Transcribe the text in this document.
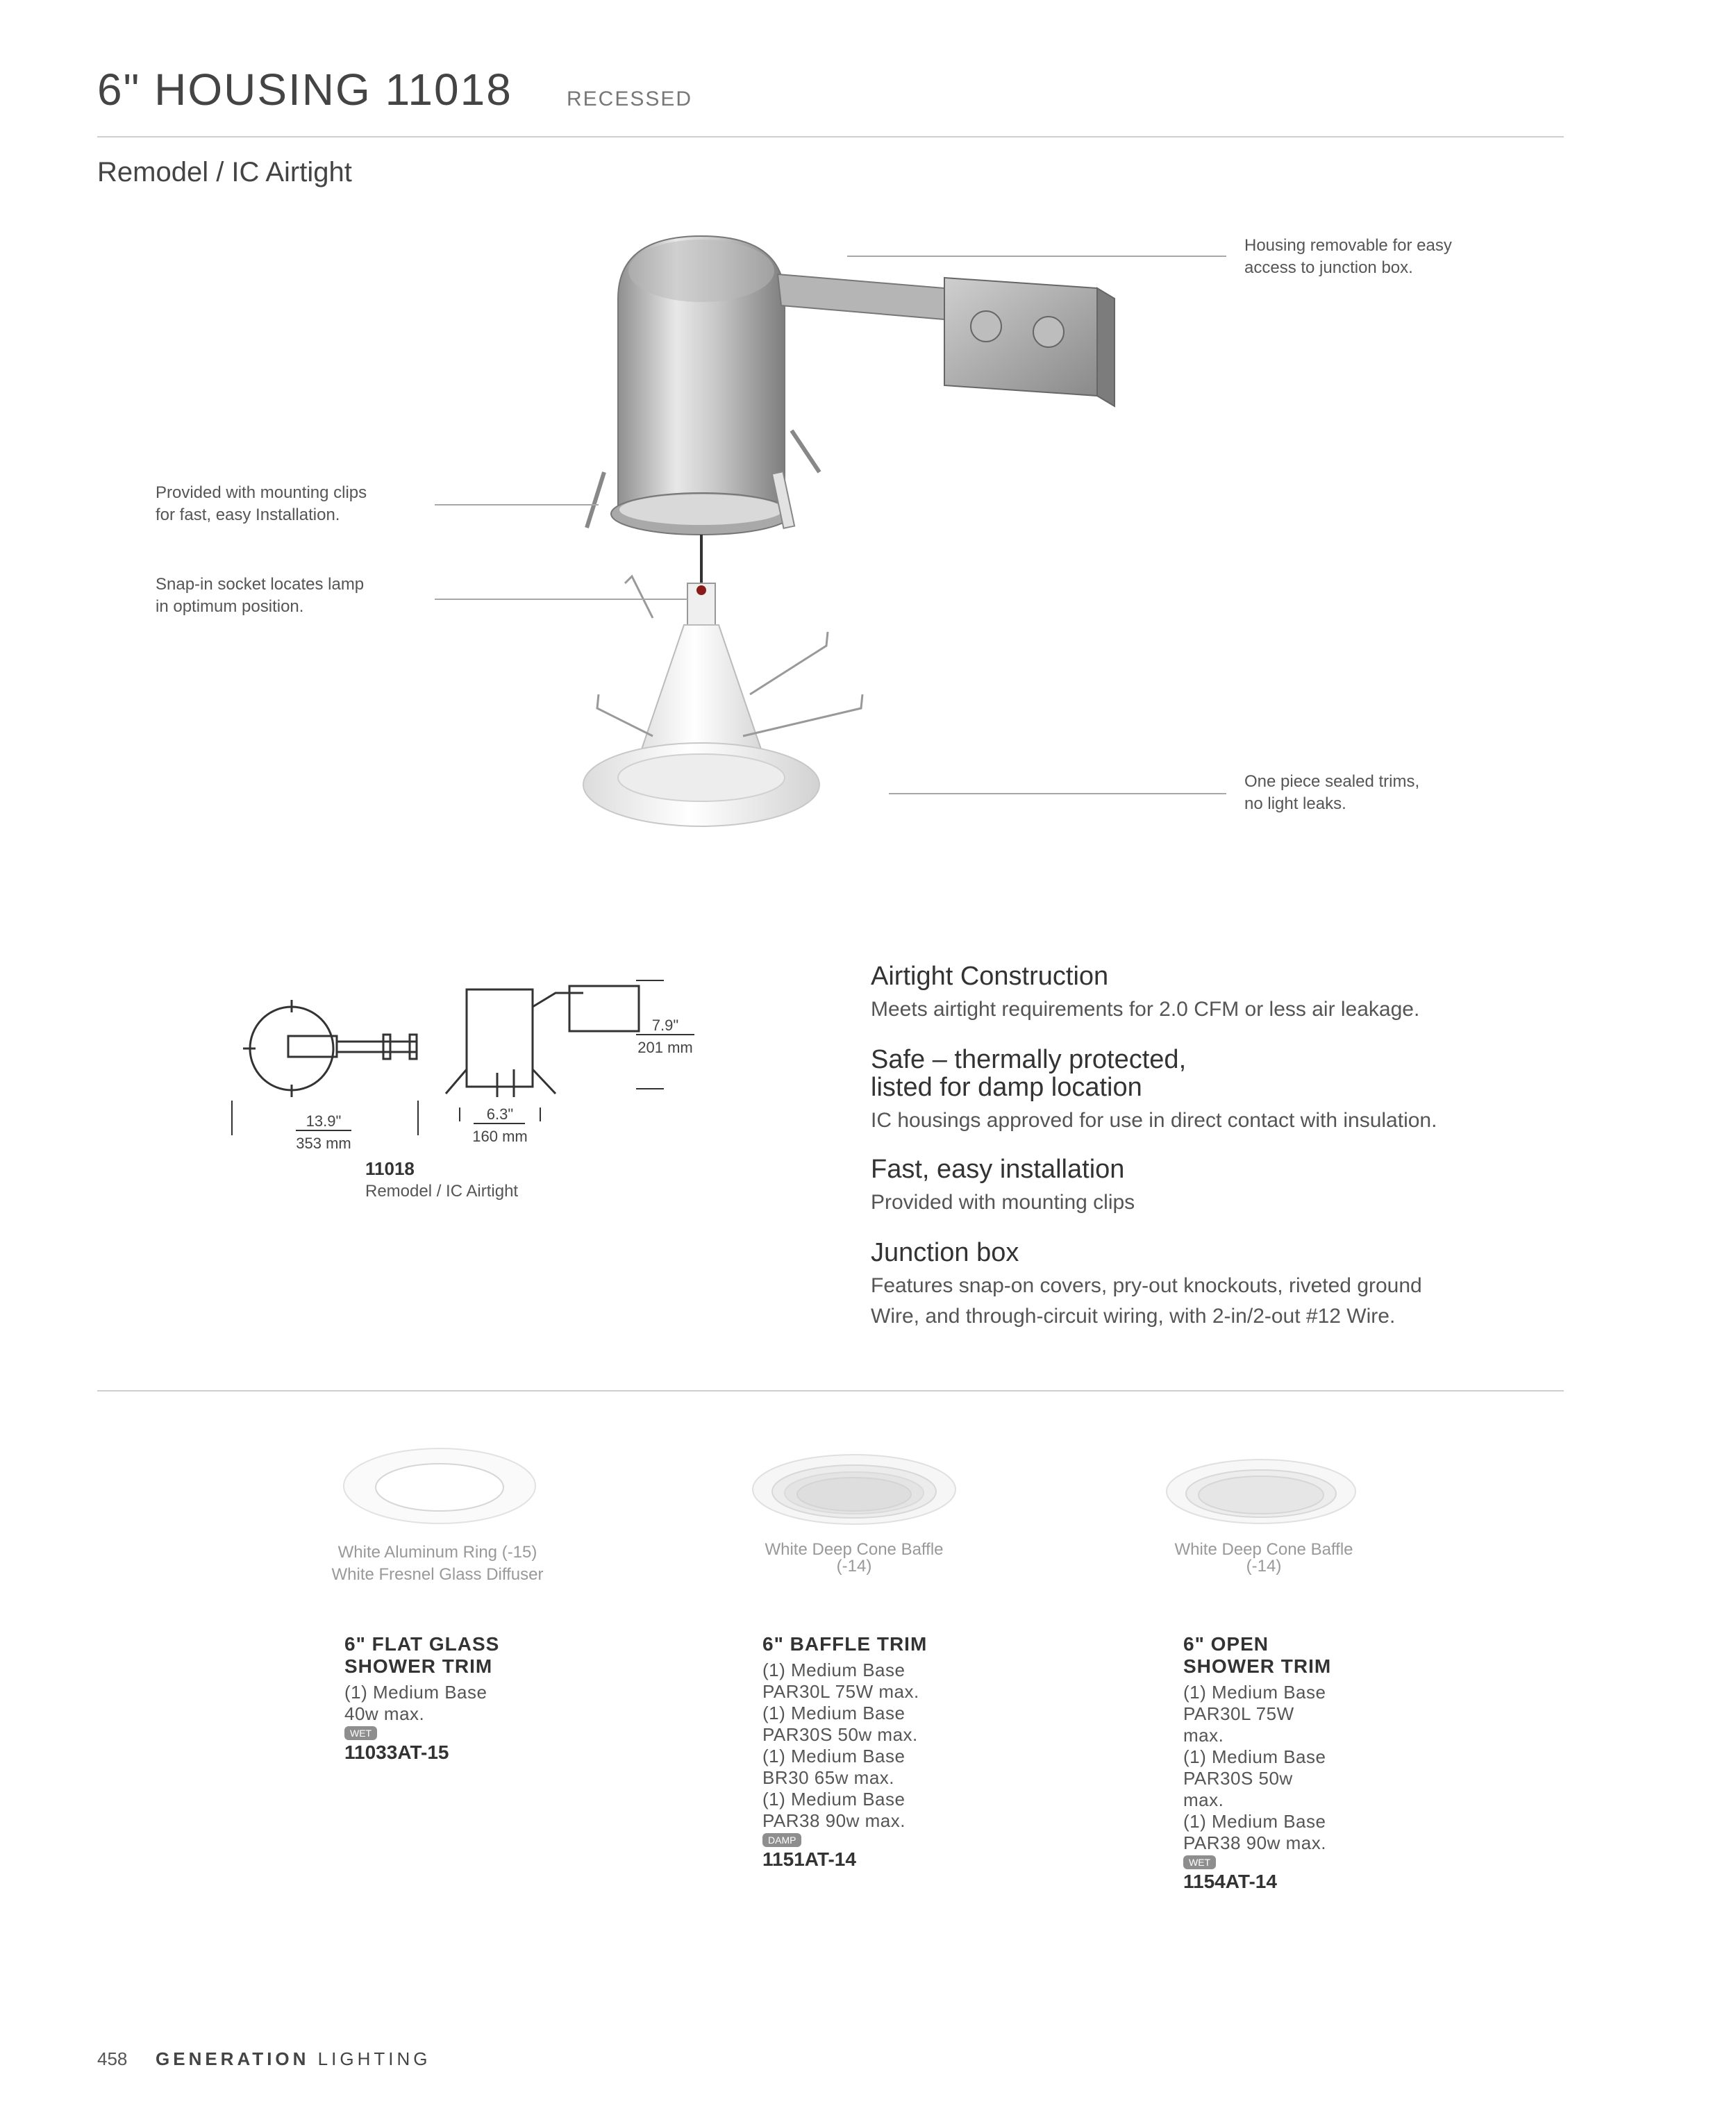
6" HOUSING 11018	RECESSED
Remodel / IC Airtight
Housing removable for easy
access to junction box.
Provided with mounting clips
for fast, easy Installation.
Snap-in socket locates lamp
in optimum position.
One piece sealed trims,
no light leaks.
13.9"
353 mm
6.3"
160 mm
7.9"
201 mm
11018
Remodel / IC Airtight

Airtight Construction

Meets airtight requirements for 2.0 CFM or less air leakage.

Safe – thermally protected,
listed for damp location

IC housings approved for use in direct contact with insulation.

Fast, easy installation

Provided with mounting clips

Junction box

Features snap-on covers, pry-out knockouts, riveted ground
Wire, and through-circuit wiring, with 2-in/2-out #12 Wire.

White Aluminum Ring (-15)
White Fresnel Glass Diffuser
White Deep Cone Baffle
(-14)
White Deep Cone Baffle
(-14)

6" FLAT GLASS
SHOWER TRIM

(1) Medium Base
40w max.

WET
11033AT-15

6" BAFFLE TRIM

(1) Medium Base
PAR30L 75W max.
(1) Medium Base
PAR30S 50w max.
(1) Medium Base
BR30 65w max.
(1) Medium Base
PAR38 90w max.

DAMP
1151AT-14

6" OPEN
SHOWER TRIM

(1) Medium Base
PAR30L 75W
max.
(1) Medium Base
PAR30S 50w
max.
(1) Medium Base
PAR38 90w max.

WET
1154AT-14
458 GENERATION LIGHTING
